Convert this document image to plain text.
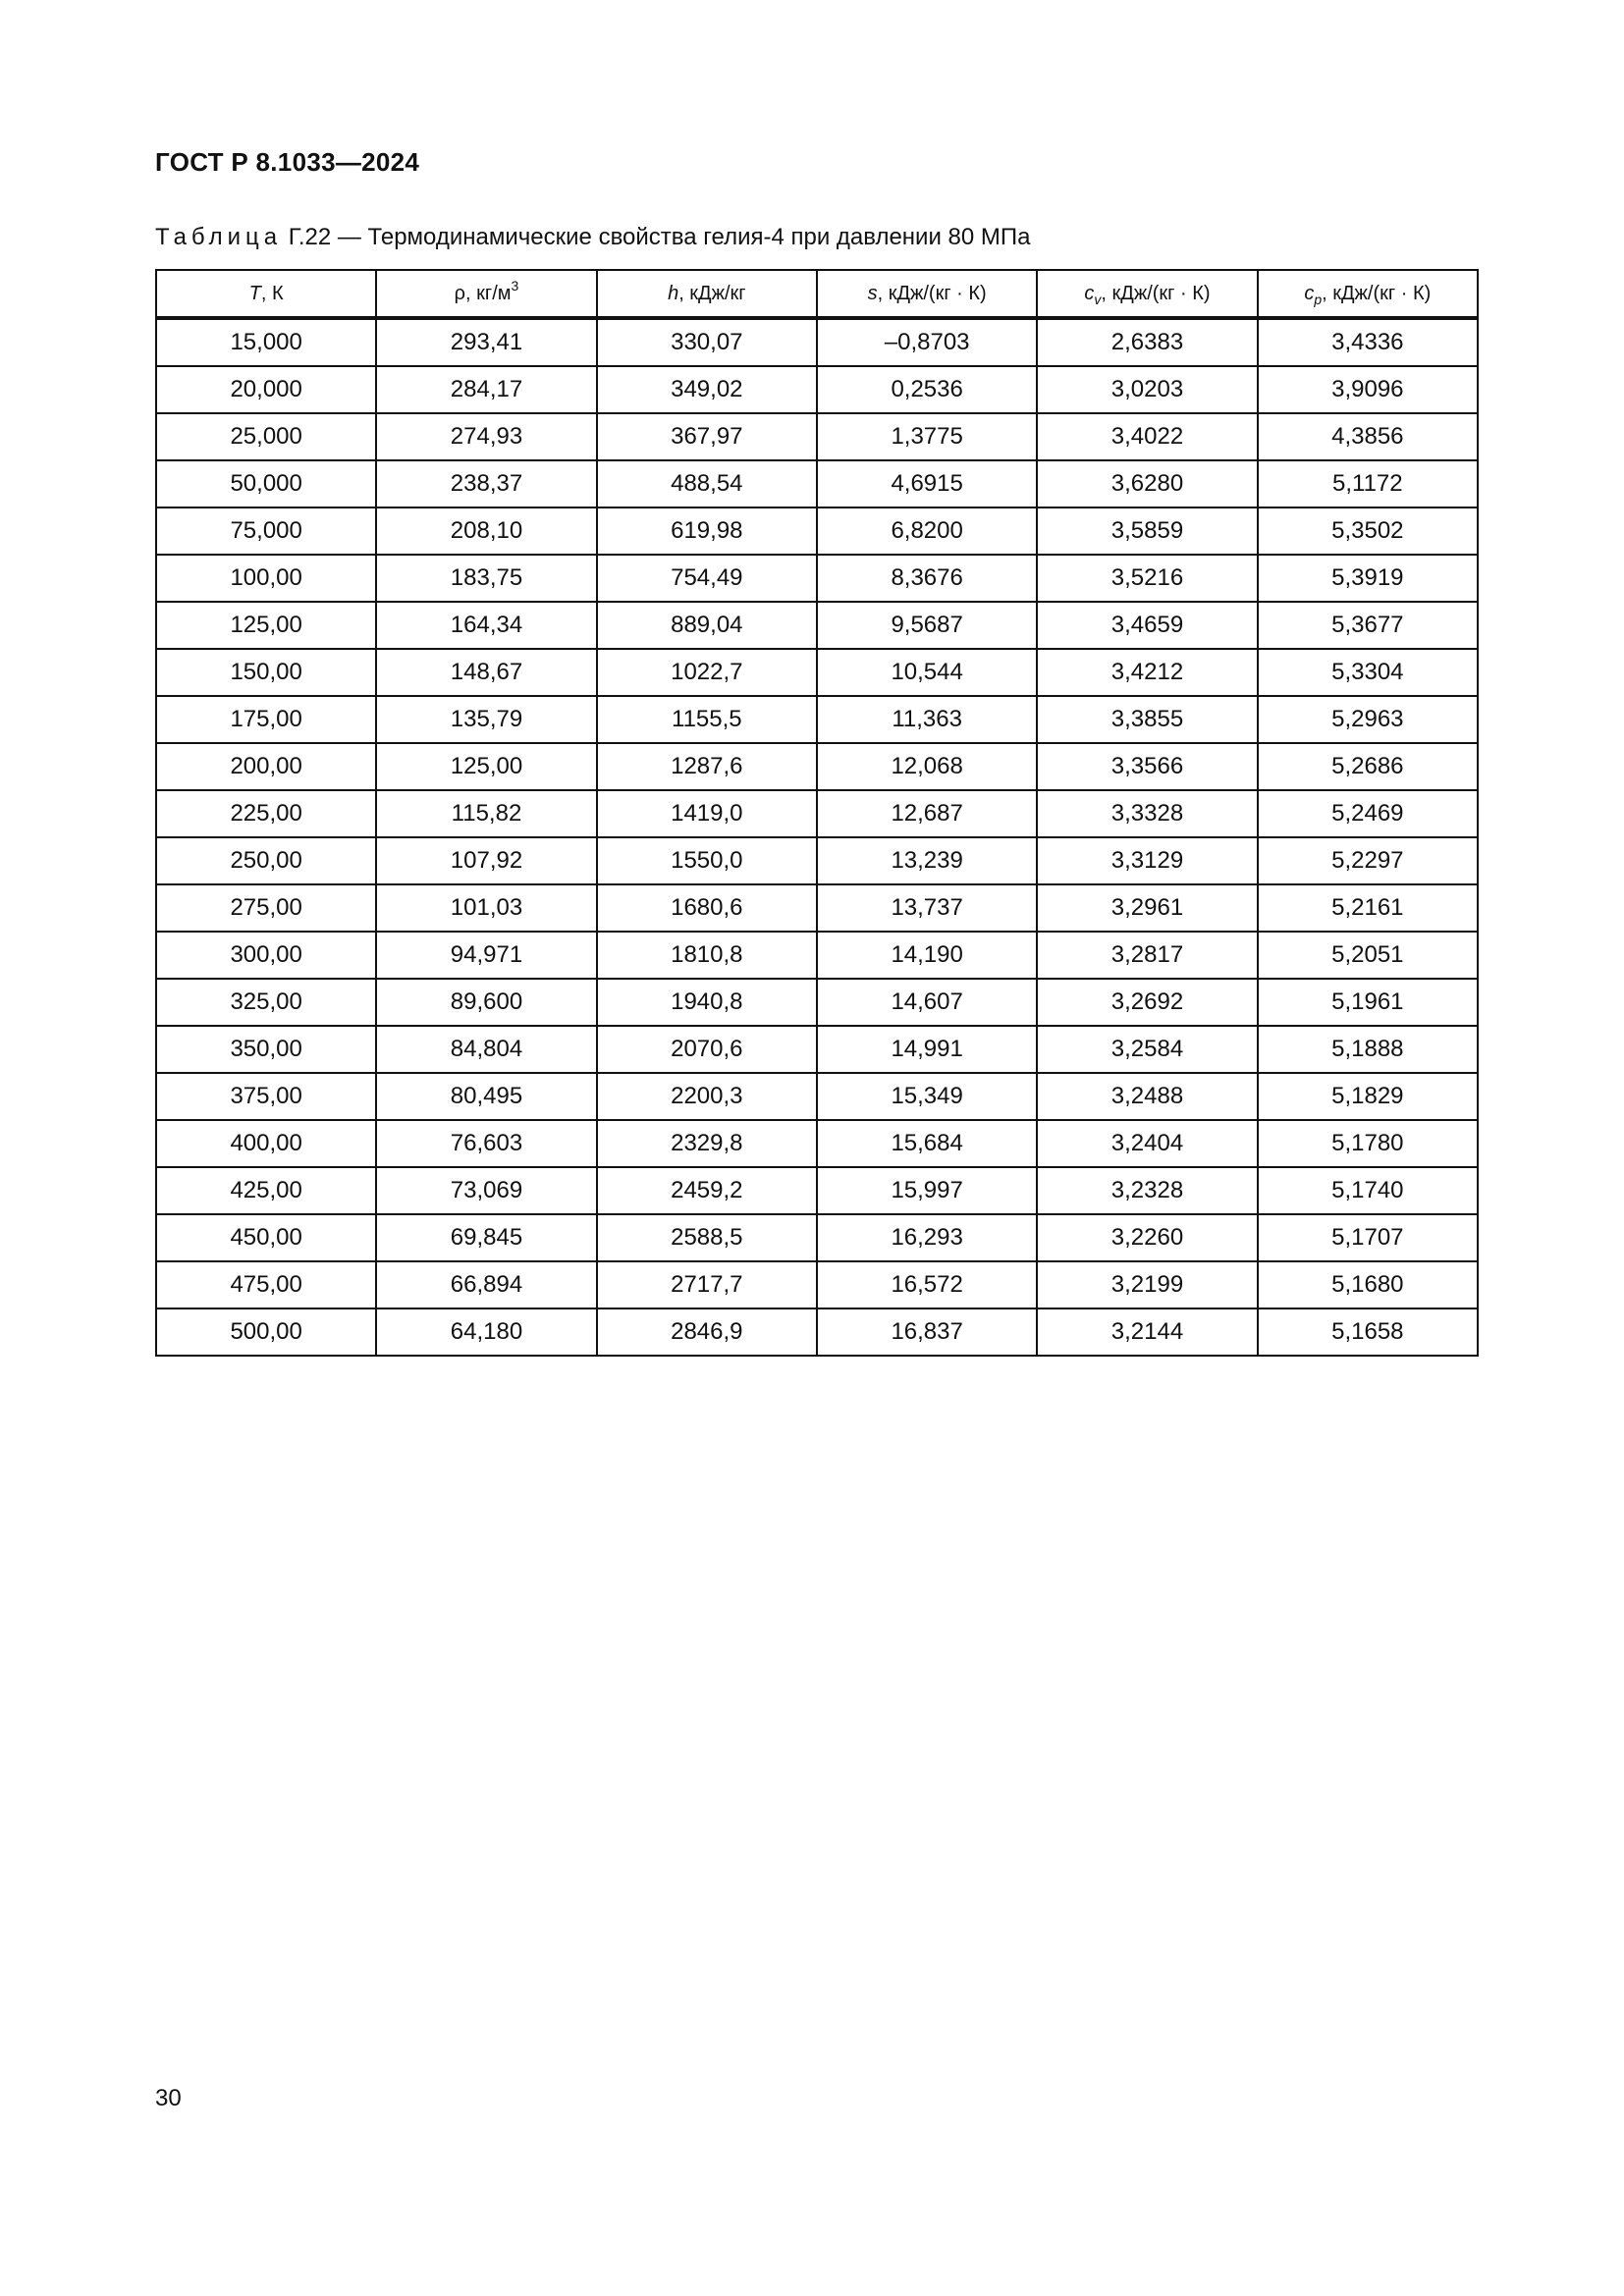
ГОСТ Р 8.1033—2024
Таблица Г.22 — Термодинамические свойства гелия-4 при давлении 80 МПа
T, К	ρ, $кг/м^3$	h, кДж/кг	s, кДж/(кг · К)	$c_v$, кДж/(кг · К)	$c_p$, кДж/(кг · К)
15,000	293,41	330,07	–0,8703	2,6383	3,4336
20,000	284,17	349,02	0,2536	3,0203	3,9096
25,000	274,93	367,97	1,3775	3,4022	4,3856
50,000	238,37	488,54	4,6915	3,6280	5,1172
75,000	208,10	619,98	6,8200	3,5859	5,3502
100,00	183,75	754,49	8,3676	3,5216	5,3919
125,00	164,34	889,04	9,5687	3,4659	5,3677
150,00	148,67	1022,7	10,544	3,4212	5,3304
175,00	135,79	1155,5	11,363	3,3855	5,2963
200,00	125,00	1287,6	12,068	3,3566	5,2686
225,00	115,82	1419,0	12,687	3,3328	5,2469
250,00	107,92	1550,0	13,239	3,3129	5,2297
275,00	101,03	1680,6	13,737	3,2961	5,2161
300,00	94,971	1810,8	14,190	3,2817	5,2051
325,00	89,600	1940,8	14,607	3,2692	5,1961
350,00	84,804	2070,6	14,991	3,2584	5,1888
375,00	80,495	2200,3	15,349	3,2488	5,1829
400,00	76,603	2329,8	15,684	3,2404	5,1780
425,00	73,069	2459,2	15,997	3,2328	5,1740
450,00	69,845	2588,5	16,293	3,2260	5,1707
475,00	66,894	2717,7	16,572	3,2199	5,1680
500,00	64,180	2846,9	16,837	3,2144	5,1658
30
